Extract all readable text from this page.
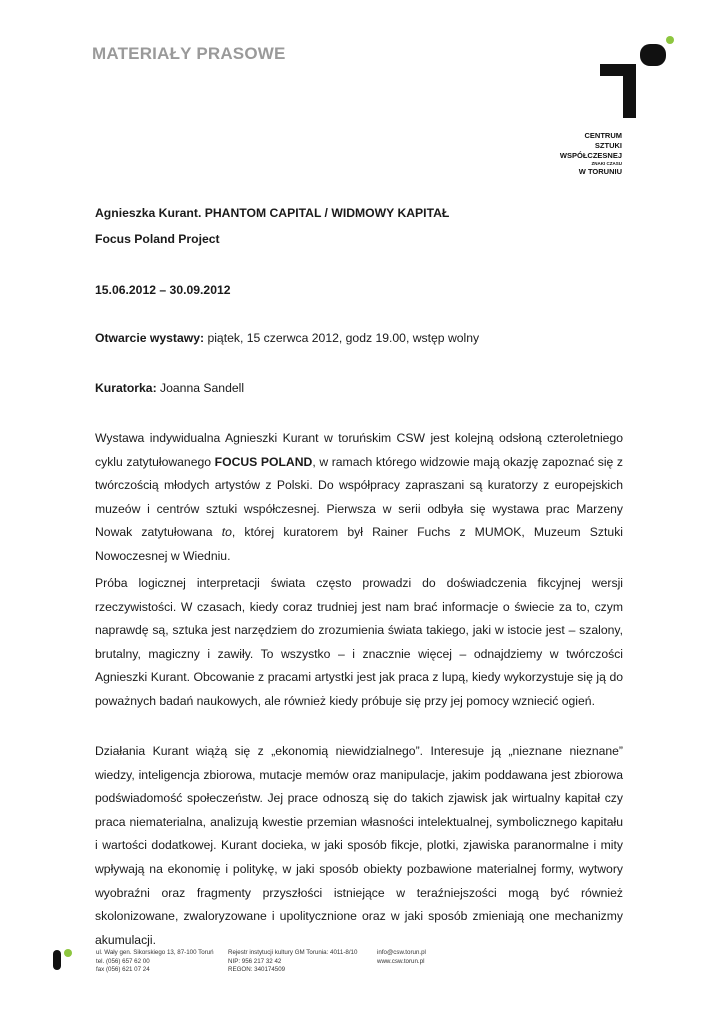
MATERIAŁY PRASOWE
CENTRUM
SZTUKI
WSPÓŁCZESNEJ
ZNAKI CZASU
W TORUNIU
Agnieszka Kurant. PHANTOM CAPITAL / WIDMOWY KAPITAŁ
Focus Poland Project
15.06.2012 – 30.09.2012
Otwarcie wystawy: piątek, 15 czerwca 2012, godz 19.00, wstęp wolny
Kuratorka: Joanna Sandell
Wystawa indywidualna Agnieszki Kurant w toruńskim CSW jest kolejną odsłoną czteroletniego cyklu zatytułowanego FOCUS POLAND, w ramach którego widzowie mają okazję zapoznać się z twórczością młodych artystów z Polski. Do współpracy zapraszani są kuratorzy z europejskich muzeów i centrów sztuki współczesnej. Pierwsza w serii odbyła się wystawa prac Marzeny Nowak zatytułowana to, której kuratorem był Rainer Fuchs z MUMOK, Muzeum Sztuki Nowoczesnej w Wiedniu.
Próba logicznej interpretacji świata często prowadzi do doświadczenia fikcyjnej wersji rzeczywistości. W czasach, kiedy coraz trudniej jest nam brać informacje o świecie za to, czym naprawdę są, sztuka jest narzędziem do zrozumienia świata takiego, jaki w istocie jest – szalony, brutalny, magiczny i zawiły. To wszystko – i znacznie więcej – odnajdziemy w twórczości Agnieszki Kurant. Obcowanie z pracami artystki jest jak praca z lupą, kiedy wykorzystuje się ją do poważnych badań naukowych, ale również kiedy próbuje się przy jej pomocy wzniecić ogień.
Działania Kurant wiążą się z „ekonomią niewidzialnego”. Interesuje ją „nieznane nieznane” wiedzy, inteligencja zbiorowa, mutacje memów oraz manipulacje, jakim poddawana jest zbiorowa podświadomość społeczeństw. Jej prace odnoszą się do takich zjawisk jak wirtualny kapitał czy praca niematerialna, analizują kwestie przemian własności intelektualnej, symbolicznego kapitału i wartości dodatkowej. Kurant docieka, w jaki sposób fikcje, plotki, zjawiska paranormalne i mity wpływają na ekonomię i politykę, w jaki sposób obiekty pozbawione materialnej formy, wytwory wyobraźni oraz fragmenty przyszłości istniejące w teraźniejszości mogą być również skolonizowane, zwaloryzowane i upolitycznione oraz w jaki sposób zmieniają one mechanizmy akumulacji.
ul. Wały gen. Sikorskiego 13, 87-100 Toruń
tel. (056) 657 62 00
fax (056) 621 07 24
Rejestr instytucji kultury GM Torunia: 4011-8/10
NIP: 956 217 32 42
REGON: 340174509
info@csw.torun.pl
www.csw.torun.pl
